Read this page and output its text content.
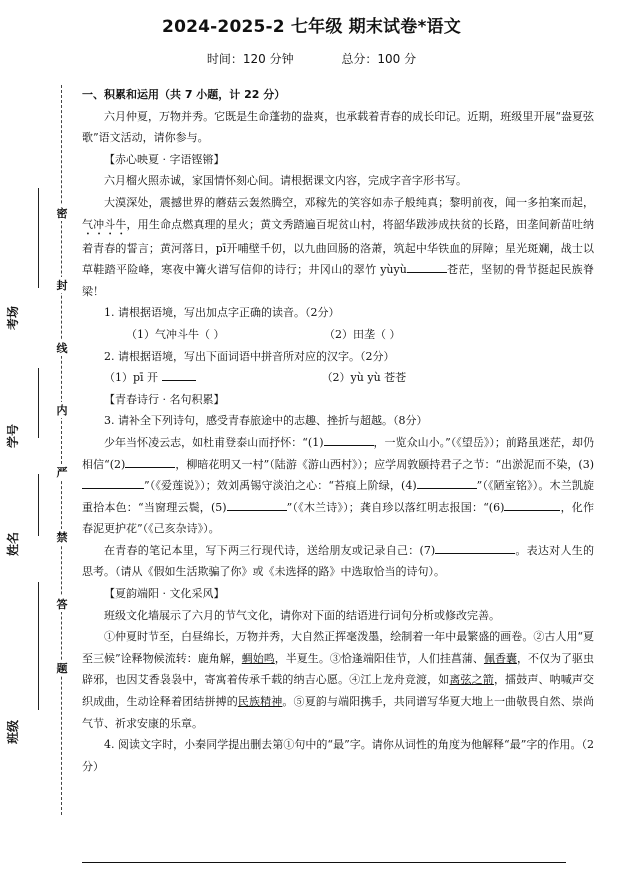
2024-2025-2 七年级 期末试卷*语文
时间：120 分钟	总分：100 分
密
封
线
内
严
禁
答
题
考场
学号
姓名
班级

一、积累和运用（共 7 小题，计 22 分）

六月仲夏，万物并秀。它既是生命蓬勃的盎爽，也承载着青春的成长印记。近期，班级里开展“盎夏弦歌”语文活动，请你参与。

【赤心映夏 · 字语铿锵】

六月榴火照赤诚，家国情怀刻心间。请根据课文内容，完成字音字形书写。

大漠深处，震撼世界的蘑菇云轰然腾空，邓稼先的笑容如赤子般纯真；黎明前夜，闻一多拍案而起，气冲斗牛，用生命点燃真理的星火；黄文秀踏遍百坭贫山村，将韶华跋涉成扶贫的长路，田垄间新苗吐纳着青春的誓言；黄河落日，pī开哺壁千仞，以九曲回肠的洛萧，筑起中华铁血的屏障；星光斑斓，战士以草鞋踏平险峰，寒夜中篝火谱写信仰的诗行；井冈山的翠竹 yùyù	苍茫，坚韧的骨节挺起民族脊梁！

1. 请根据语境，写出加点字正确的读音。（2分）

（1）气冲斗牛（ ）	（2）田垄（ ）

2. 请根据语境，写出下面词语中拼音所对应的汉字。（2分）

（1）pī 开	（2）yù yù 苍苍

【青春诗行 · 名句积累】

3. 请补全下列诗句，感受青春旅途中的志趣、挫折与超越。（8分）

少年当怀凌云志，如杜甫登泰山而抒怀：“(1)	，一览众山小。”（《望岳》）；前路虽迷茫，却仍相信“(2)	，柳暗花明又一村”（陆游《游山西村》）；应学周敦颐持君子之节：“出淤泥而不染，(3)”（《爱莲说》）；效刘禹锡守淡泊之心：“苔痕上阶绿，(4)	”（《陋室铭》）。木兰凯旋重拾本色：“当窗理云鬓，(5)	”（《木兰诗》）；龚自珍以落红明志报国：“(6)	，化作春泥更护花”（《己亥杂诗》）。

在青春的笔记本里，写下两三行现代诗，送给朋友或记录自己：(7)	。表达对人生的思考。（请从《假如生活欺骗了你》或《未选择的路》中选取恰当的诗句）。

【夏韵端阳 · 文化采风】

班级文化墙展示了六月的节气文化，请你对下面的结语进行词句分析或修改完善。

①仲夏时节至，白昼绵长，万物并秀，大自然正挥毫泼墨，绘制着一年中最繁盛的画卷。②古人用“夏至三候”诠释物候流转：鹿角解，蜩始鸣，半夏生。③恰逢端阳佳节，人们挂菖蒲、佩香囊，不仅为了驱虫辟邪，也因艾香袅袅中，寄寓着传承千载的纳吉心愿。④江上龙舟竞渡，如离弦之箭，擂鼓声、呐喊声交织成曲，生动诠释着团结拼搏的民族精神。⑤夏韵与端阳携手，共同谱写华夏大地上一曲敬畏自然、崇尚气节、祈求安康的乐章。

4. 阅读文字时，小秦同学提出删去第①句中的“最”字。请你从词性的角度为他解释“最”字的作用。（2分）
